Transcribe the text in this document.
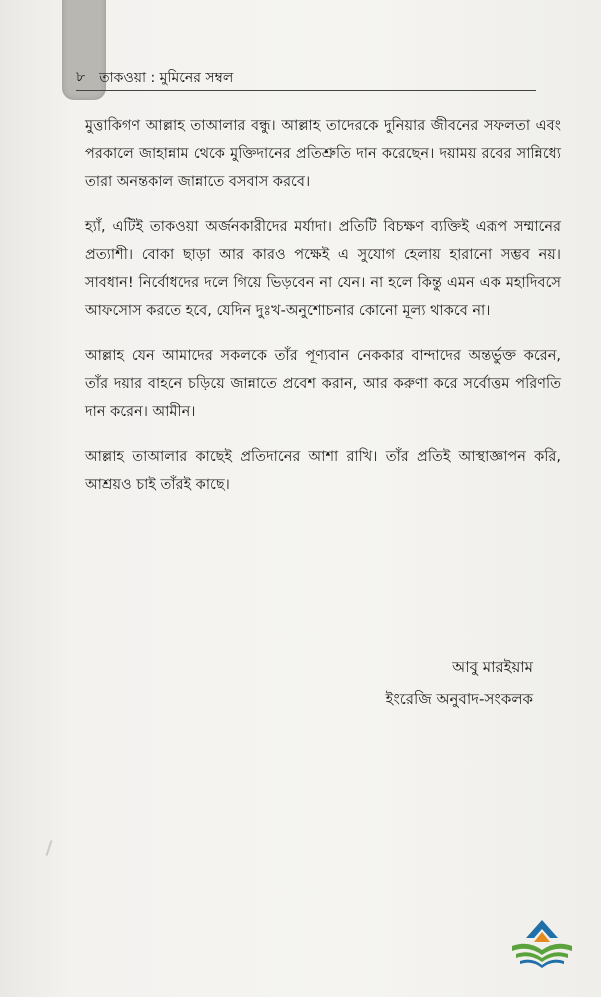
৮ তাকওয়া : মুমিনের সম্বল

মুত্তাকিগণ আল্লাহ তাআলার বন্ধু। আল্লাহ তাদেরকে দুনিয়ার জীবনের সফলতা এবং পরকালে জাহান্নাম থেকে মুক্তিদানের প্রতিশ্রুতি দান করেছেন। দয়াময় রবের সান্নিধ্যে তারা অনন্তকাল জান্নাতে বসবাস করবে।

হ্যাঁ, এটিই তাকওয়া অর্জনকারীদের মর্যাদা। প্রতিটি বিচক্ষণ ব্যক্তিই এরূপ সম্মানের প্রত্যাশী। বোকা ছাড়া আর কারও পক্ষেই এ সুযোগ হেলায় হারানো সম্ভব নয়। সাবধান! নির্বোধদের দলে গিয়ে ভিড়বেন না যেন। না হলে কিন্তু এমন এক মহাদিবসে আফসোস করতে হবে, যেদিন দুঃখ-অনুশোচনার কোনো মূল্য থাকবে না।

আল্লাহ যেন আমাদের সকলকে তাঁর পূণ্যবান নেককার বান্দাদের অন্তর্ভুক্ত করেন, তাঁর দয়ার বাহনে চড়িয়ে জান্নাতে প্রবেশ করান, আর করুণা করে সর্বোত্তম পরিণতি দান করেন। আমীন।

আল্লাহ তাআলার কাছেই প্রতিদানের আশা রাখি। তাঁর প্রতিই আস্থাজ্ঞাপন করি, আশ্রয়ও চাই তাঁরই কাছে।

আবু মারইয়াম
ইংরেজি অনুবাদ-সংকলক
